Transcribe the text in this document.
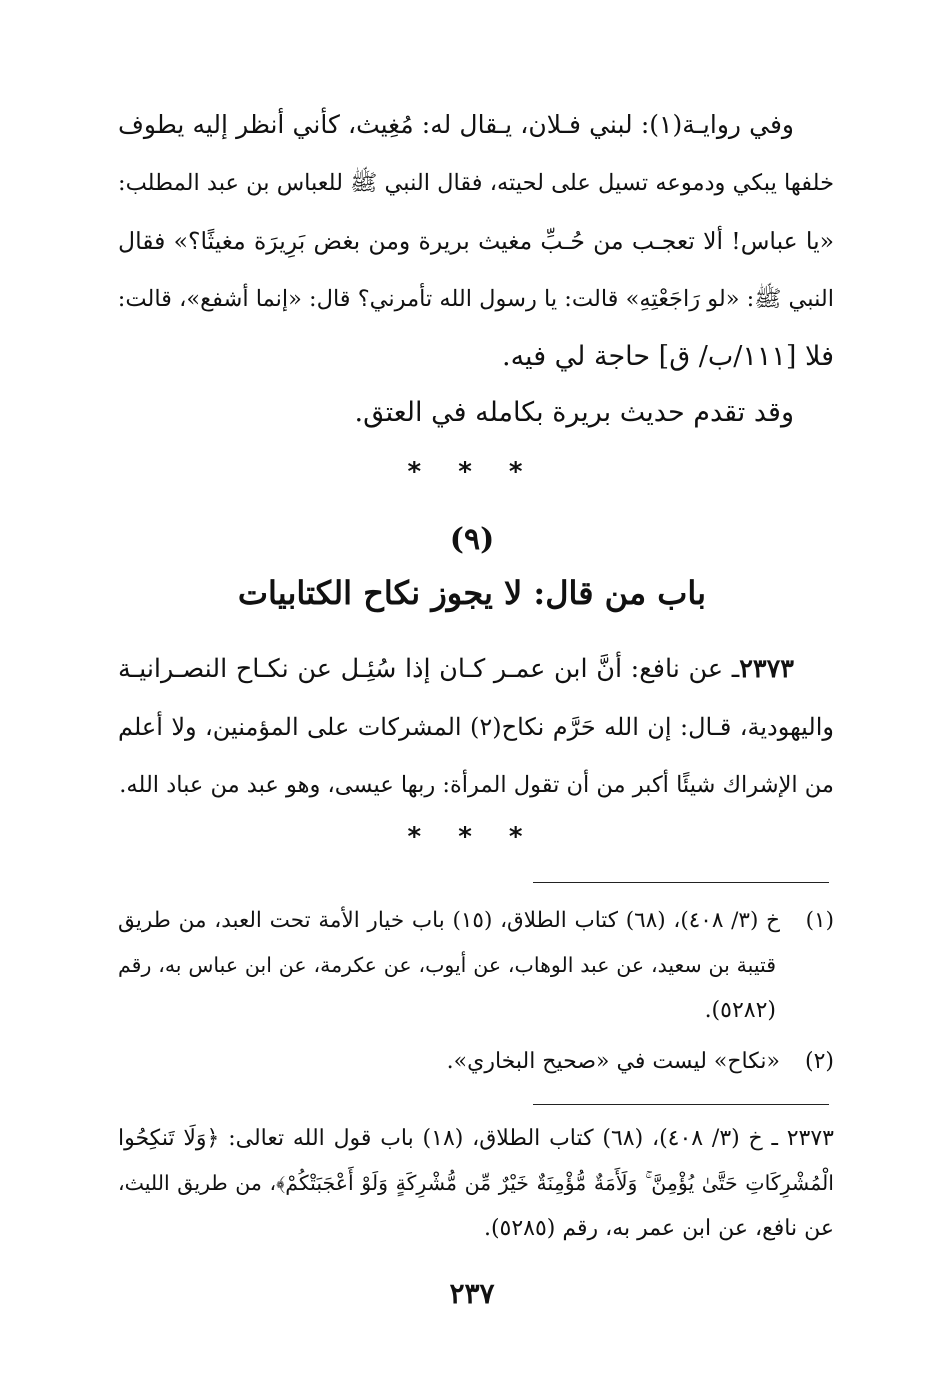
وفي روايـة(١): لبني فـلان، يـقال له: مُغِيث، كأني أنظر إليه يطوف
خلفها يبكي ودموعه تسيل على لحيته، فقال النبي ﷺ للعباس بن عبد المطلب:
«يا عباس! ألا تعجـب من حُـبِّ مغيث بريرة ومن بغض بَرِيرَة مغيثًا؟» فقال
النبي ﷺ: «لو رَاجَعْتِهِ» قالت: يا رسول الله تأمرني؟ قال: «إنما أشفع»، قالت:
فلا [١١١/ب/ ق] حاجة لي فيه.
وقد تقدم حديث بريرة بكامله في العتق.
* * *
(٩)
باب من قال: لا يجوز نكاح الكتابيات
٢٣٧٣ـ عن نافع: أنَّ ابن عمـر كـان إذا سُئِـل عن نكـاح النصـرانيـة
واليهودية، قـال: إن الله حَرَّم نكاح(٢) المشركات على المؤمنين، ولا أعلم
من الإشراك شيئًا أكبر من أن تقول المرأة: ربها عيسى، وهو عبد من عباد الله.
* * *
(١)خ (٣/ ٤٠٨)، (٦٨) كتاب الطلاق، (١٥) باب خيار الأمة تحت العبد، من طريق
قتيبة بن سعيد، عن عبد الوهاب، عن أيوب، عن عكرمة، عن ابن عباس به، رقم
(٥٢٨٢).
(٢)«نكاح» ليست في «صحيح البخاري».
٢٣٧٣ ـ خ (٣/ ٤٠٨)، (٦٨) كتاب الطلاق، (١٨) باب قول الله تعالى: ﴿وَلَا تَنكِحُوا
الْمُشْرِكَاتِ حَتَّىٰ يُؤْمِنَّ ۚ وَلَأَمَةٌ مُّؤْمِنَةٌ خَيْرٌ مِّن مُّشْرِكَةٍ وَلَوْ أَعْجَبَتْكُمْ﴾، من طريق الليث،
عن نافع، عن ابن عمر به، رقم (٥٢٨٥).
٢٣٧
